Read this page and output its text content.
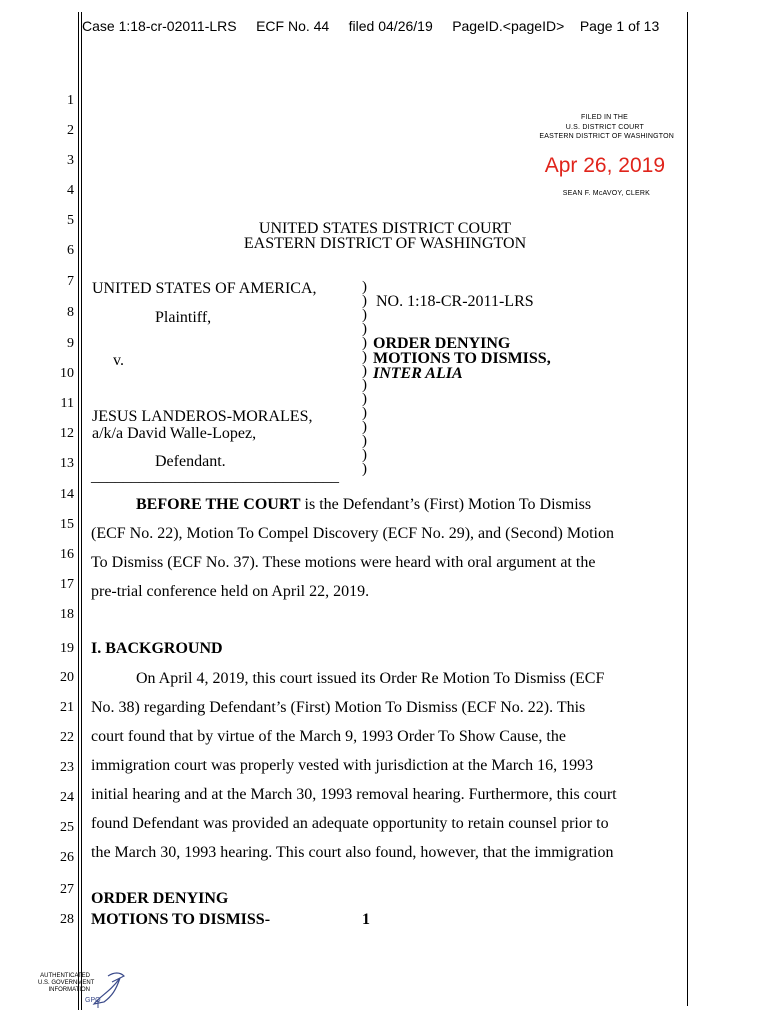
Case 1:18-cr-02011-LRS ECF No. 44 filed 04/26/19 PageID.<pageID> Page 1 of 13
1
2
3
4
5
6
7
8
9
10
11
12
13
14
15
16
17
18
19
20
21
22
23
24
25
26
27
28
FILED IN THE
U.S. DISTRICT COURT
EASTERN DISTRICT OF WASHINGTON
Apr 26, 2019
SEAN F. McAVOY, CLERK
UNITED STATES DISTRICT COURT
EASTERN DISTRICT OF WASHINGTON
UNITED STATES OF AMERICA,
Plaintiff,
v.
JESUS LANDEROS-MORALES,
a/k/a David Walle-Lopez,
Defendant.
_______________________________
)
)
)
)
)
)
)
)
)
)
)
)
)
)
NO. 1:18-CR-2011-LRS
ORDER DENYING
MOTIONS TO DISMISS,
INTER ALIA
BEFORE THE COURT is the Defendant’s (First) Motion To Dismiss
(ECF No. 22), Motion To Compel Discovery (ECF No. 29), and (Second) Motion
To Dismiss (ECF No. 37). These motions were heard with oral argument at the
pre-trial conference held on April 22, 2019.
I. BACKGROUND
On April 4, 2019, this court issued its Order Re Motion To Dismiss (ECF
No. 38) regarding Defendant’s (First) Motion To Dismiss (ECF No. 22). This
court found that by virtue of the March 9, 1993 Order To Show Cause, the
immigration court was properly vested with jurisdiction at the March 16, 1993
initial hearing and at the March 30, 1993 removal hearing. Furthermore, this court
found Defendant was provided an adequate opportunity to retain counsel prior to
the March 30, 1993 hearing. This court also found, however, that the immigration
ORDER DENYING
MOTIONS TO DISMISS-	1
AUTHENTICATED
U.S. GOVERNMENT
INFORMATION
GPO
